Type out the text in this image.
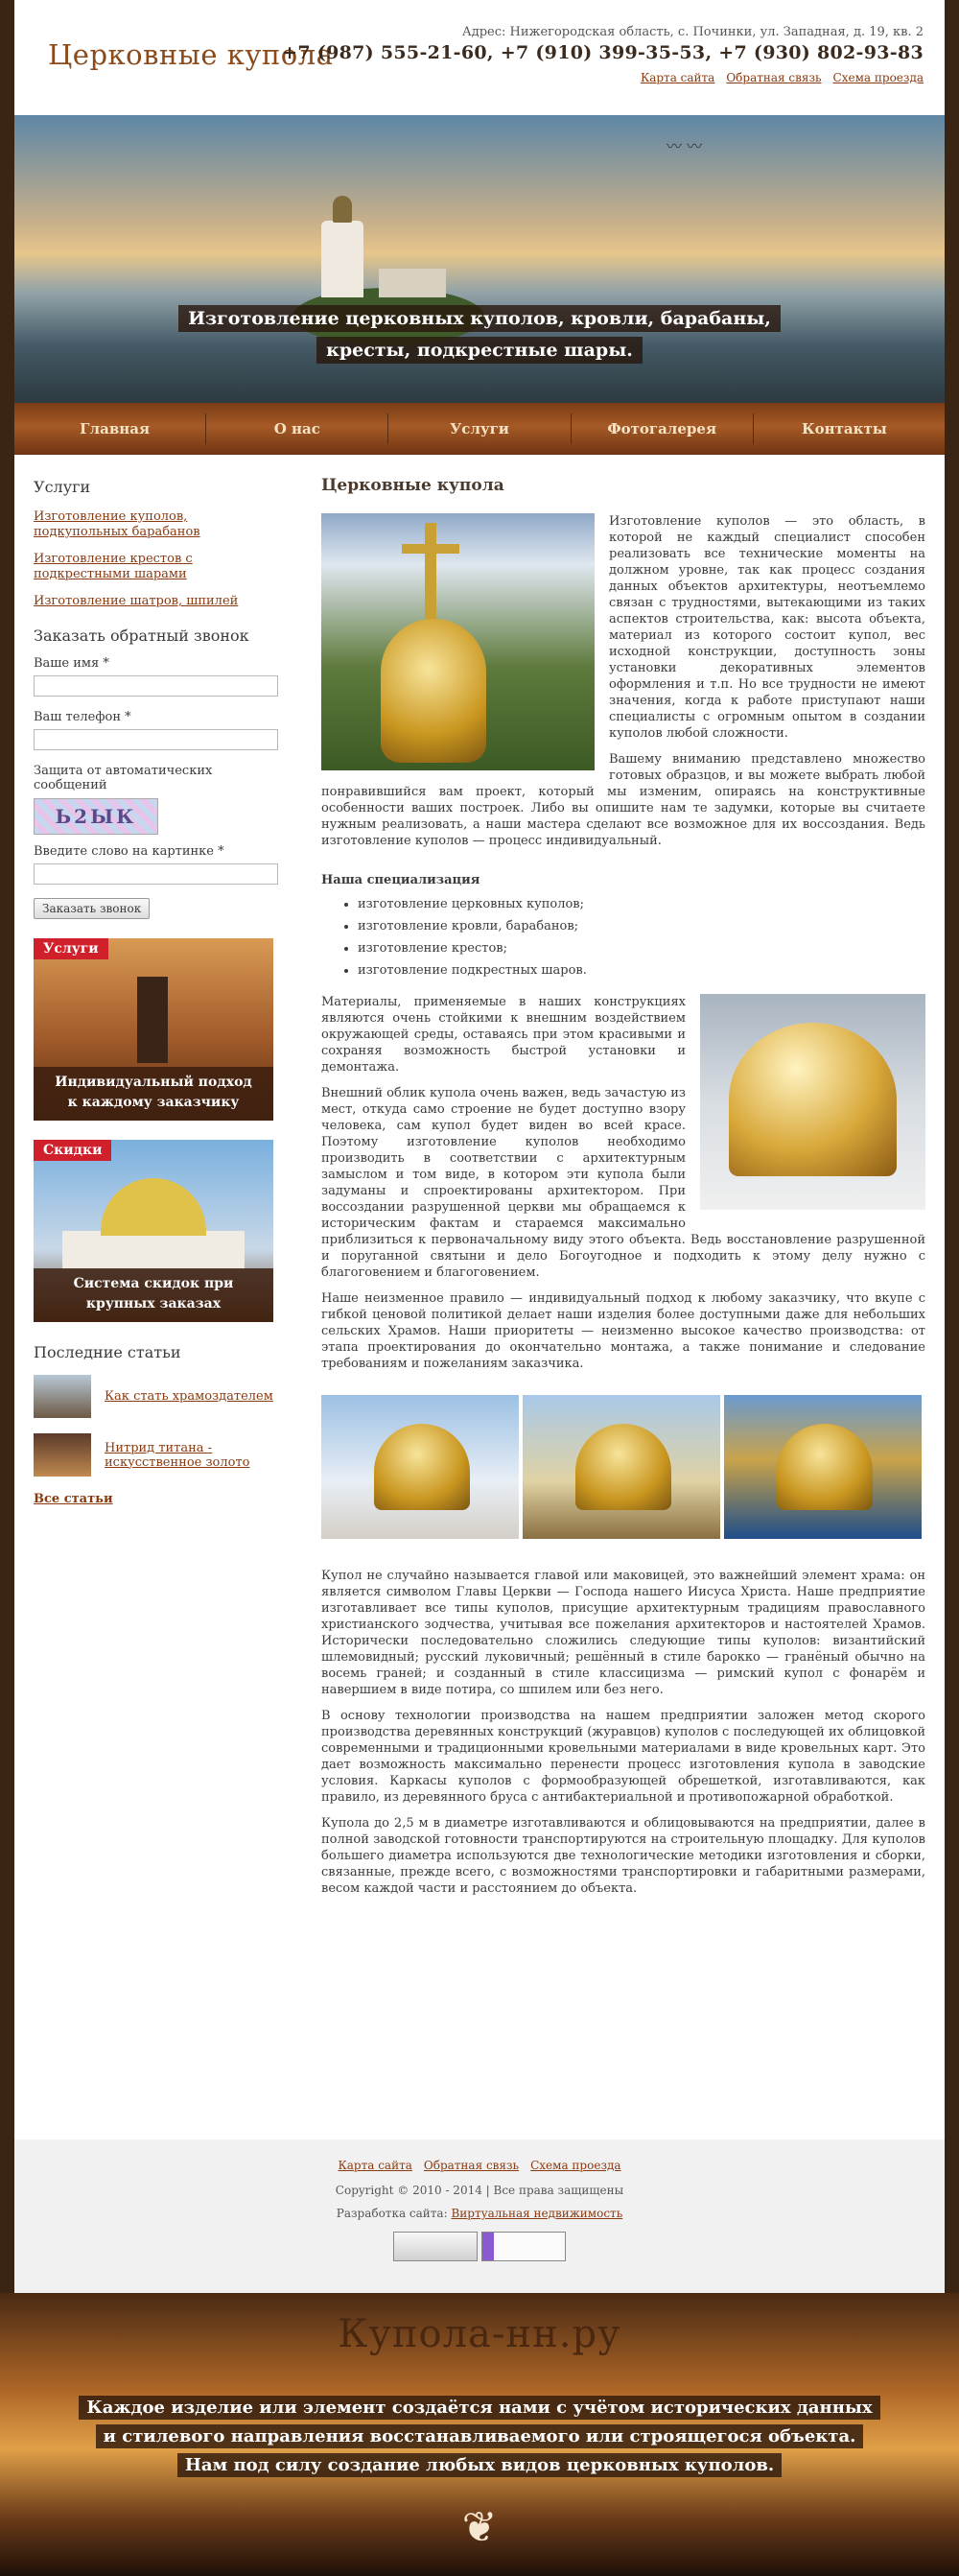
Церковные купола
Адрес: Нижегородская область, с. Починки, ул. Западная, д. 19, кв. 2
+7 (987) 555-21-60, +7 (910) 399-35-53, +7 (930) 802-93-83
Карта сайта Обратная связь Схема проезда
〰 〰
Изготовление церковных куполов, кровли, барабаны,
кресты, подкрестные шары.
Главная	О нас	Услуги	Фотогалерея	Контакты
Услуги
Изготовление куполов, подкупольных барабанов
Изготовление крестов с подкрестными шарами
Изготовление шатров, шпилей
Заказать обратный звонок
Ваше имя *
Ваш телефон *
Защита от автоматических сообщений
Ь2ЫК
Введите слово на картинке *
Заказать звонок
Услуги
Индивидуальный подход
к каждому заказчику
Скидки
Система скидок при
крупных заказах
Последние статьи
Как стать храмоздателем
Нитрид титана - искусственное золото
Все статьи
Церковные купола

Изготовление куполов — это область, в которой не каждый специалист способен реализовать все технические моменты на должном уровне, так как процесс создания данных объектов архитектуры, неотъемлемо связан с трудностями, вытекающими из таких аспектов строительства, как: высота объекта, материал из которого состоит купол, вес исходной конструкции, доступность зоны установки декоративных элементов оформления и т.п. Но все трудности не имеют значения, когда к работе приступают наши специалисты с огромным опытом в создании куполов любой сложности.

Вашему вниманию представлено множество готовых образцов, и вы можете выбрать любой понравившийся вам проект, который мы изменим, опираясь на конструктивные особенности ваших построек. Либо вы опишите нам те задумки, которые вы считаете нужным реализовать, а наши мастера сделают все возможное для их воссоздания. Ведь изготовление куполов — процесс индивидуальный.

Наша специализация
• изготовление церковных куполов;
• изготовление кровли, барабанов;
• изготовление крестов;
• изготовление подкрестных шаров.

Материалы, применяемые в наших конструкциях являются очень стойкими к внешним воздействием окружающей среды, оставаясь при этом красивыми и сохраняя возможность быстрой установки и демонтажа.

Внешний облик купола очень важен, ведь зачастую из мест, откуда само строение не будет доступно взору человека, сам купол будет виден во всей красе. Поэтому изготовление куполов необходимо производить в соответствии с архитектурным замыслом и том виде, в котором эти купола были задуманы и спроектированы архитектором. При воссоздании разрушенной церкви мы обращаемся к историческим фактам и стараемся максимально приблизиться к первоначальному виду этого объекта. Ведь восстановление разрушенной и поруганной святыни и дело Богоугодное и подходить к этому делу нужно с благоговением и благоговением.

Наше неизменное правило — индивидуальный подход к любому заказчику, что вкупе с гибкой ценовой политикой делает наши изделия более доступными даже для небольших сельских Храмов. Наши приоритеты — неизменно высокое качество производства: от этапа проектирования до окончательно монтажа, а также понимание и следование требованиям и пожеланиям заказчика.

Купол не случайно называется главой или маковицей, это важнейший элемент храма: он является символом Главы Церкви — Господа нашего Иисуса Христа. Наше предприятие изготавливает все типы куполов, присущие архитектурным традициям православного христианского зодчества, учитывая все пожелания архитекторов и настоятелей Храмов. Исторически последовательно сложились следующие типы куполов: византийский шлемовидный; русский луковичный; решённый в стиле барокко — гранёный обычно на восемь граней; и созданный в стиле классицизма — римский купол с фонарём и навершием в виде потира, со шпилем или без него.

В основу технологии производства на нашем предприятии заложен метод скорого производства деревянных конструкций (журавцов) куполов с последующей их облицовкой современными и традиционными кровельными материалами в виде кровельных карт. Это дает возможность максимально перенести процесс изготовления купола в заводские условия. Каркасы куполов с формообразующей обрешеткой, изготавливаются, как правило, из деревянного бруса с антибактериальной и противопожарной обработкой.

Купола до 2,5 м в диаметре изготавливаются и облицовываются на предприятии, далее в полной заводской готовности транспортируются на строительную площадку. Для куполов большего диаметра используются две технологические методики изготовления и сборки, связанные, прежде всего, с возможностями транспортировки и габаритными размерами, весом каждой части и расстоянием до объекта.

Карта сайта Обратная связь Схема проезда
Copyright © 2010 - 2014 | Все права защищены
Разработка сайта: Виртуальная недвижимость
Купола-нн.ру
Каждое изделие или элемент создаётся нами с учётом исторических данных
и стилевого направления восстанавливаемого или строящегося объекта.
Нам под силу создание любых видов церковных куполов.
❦
